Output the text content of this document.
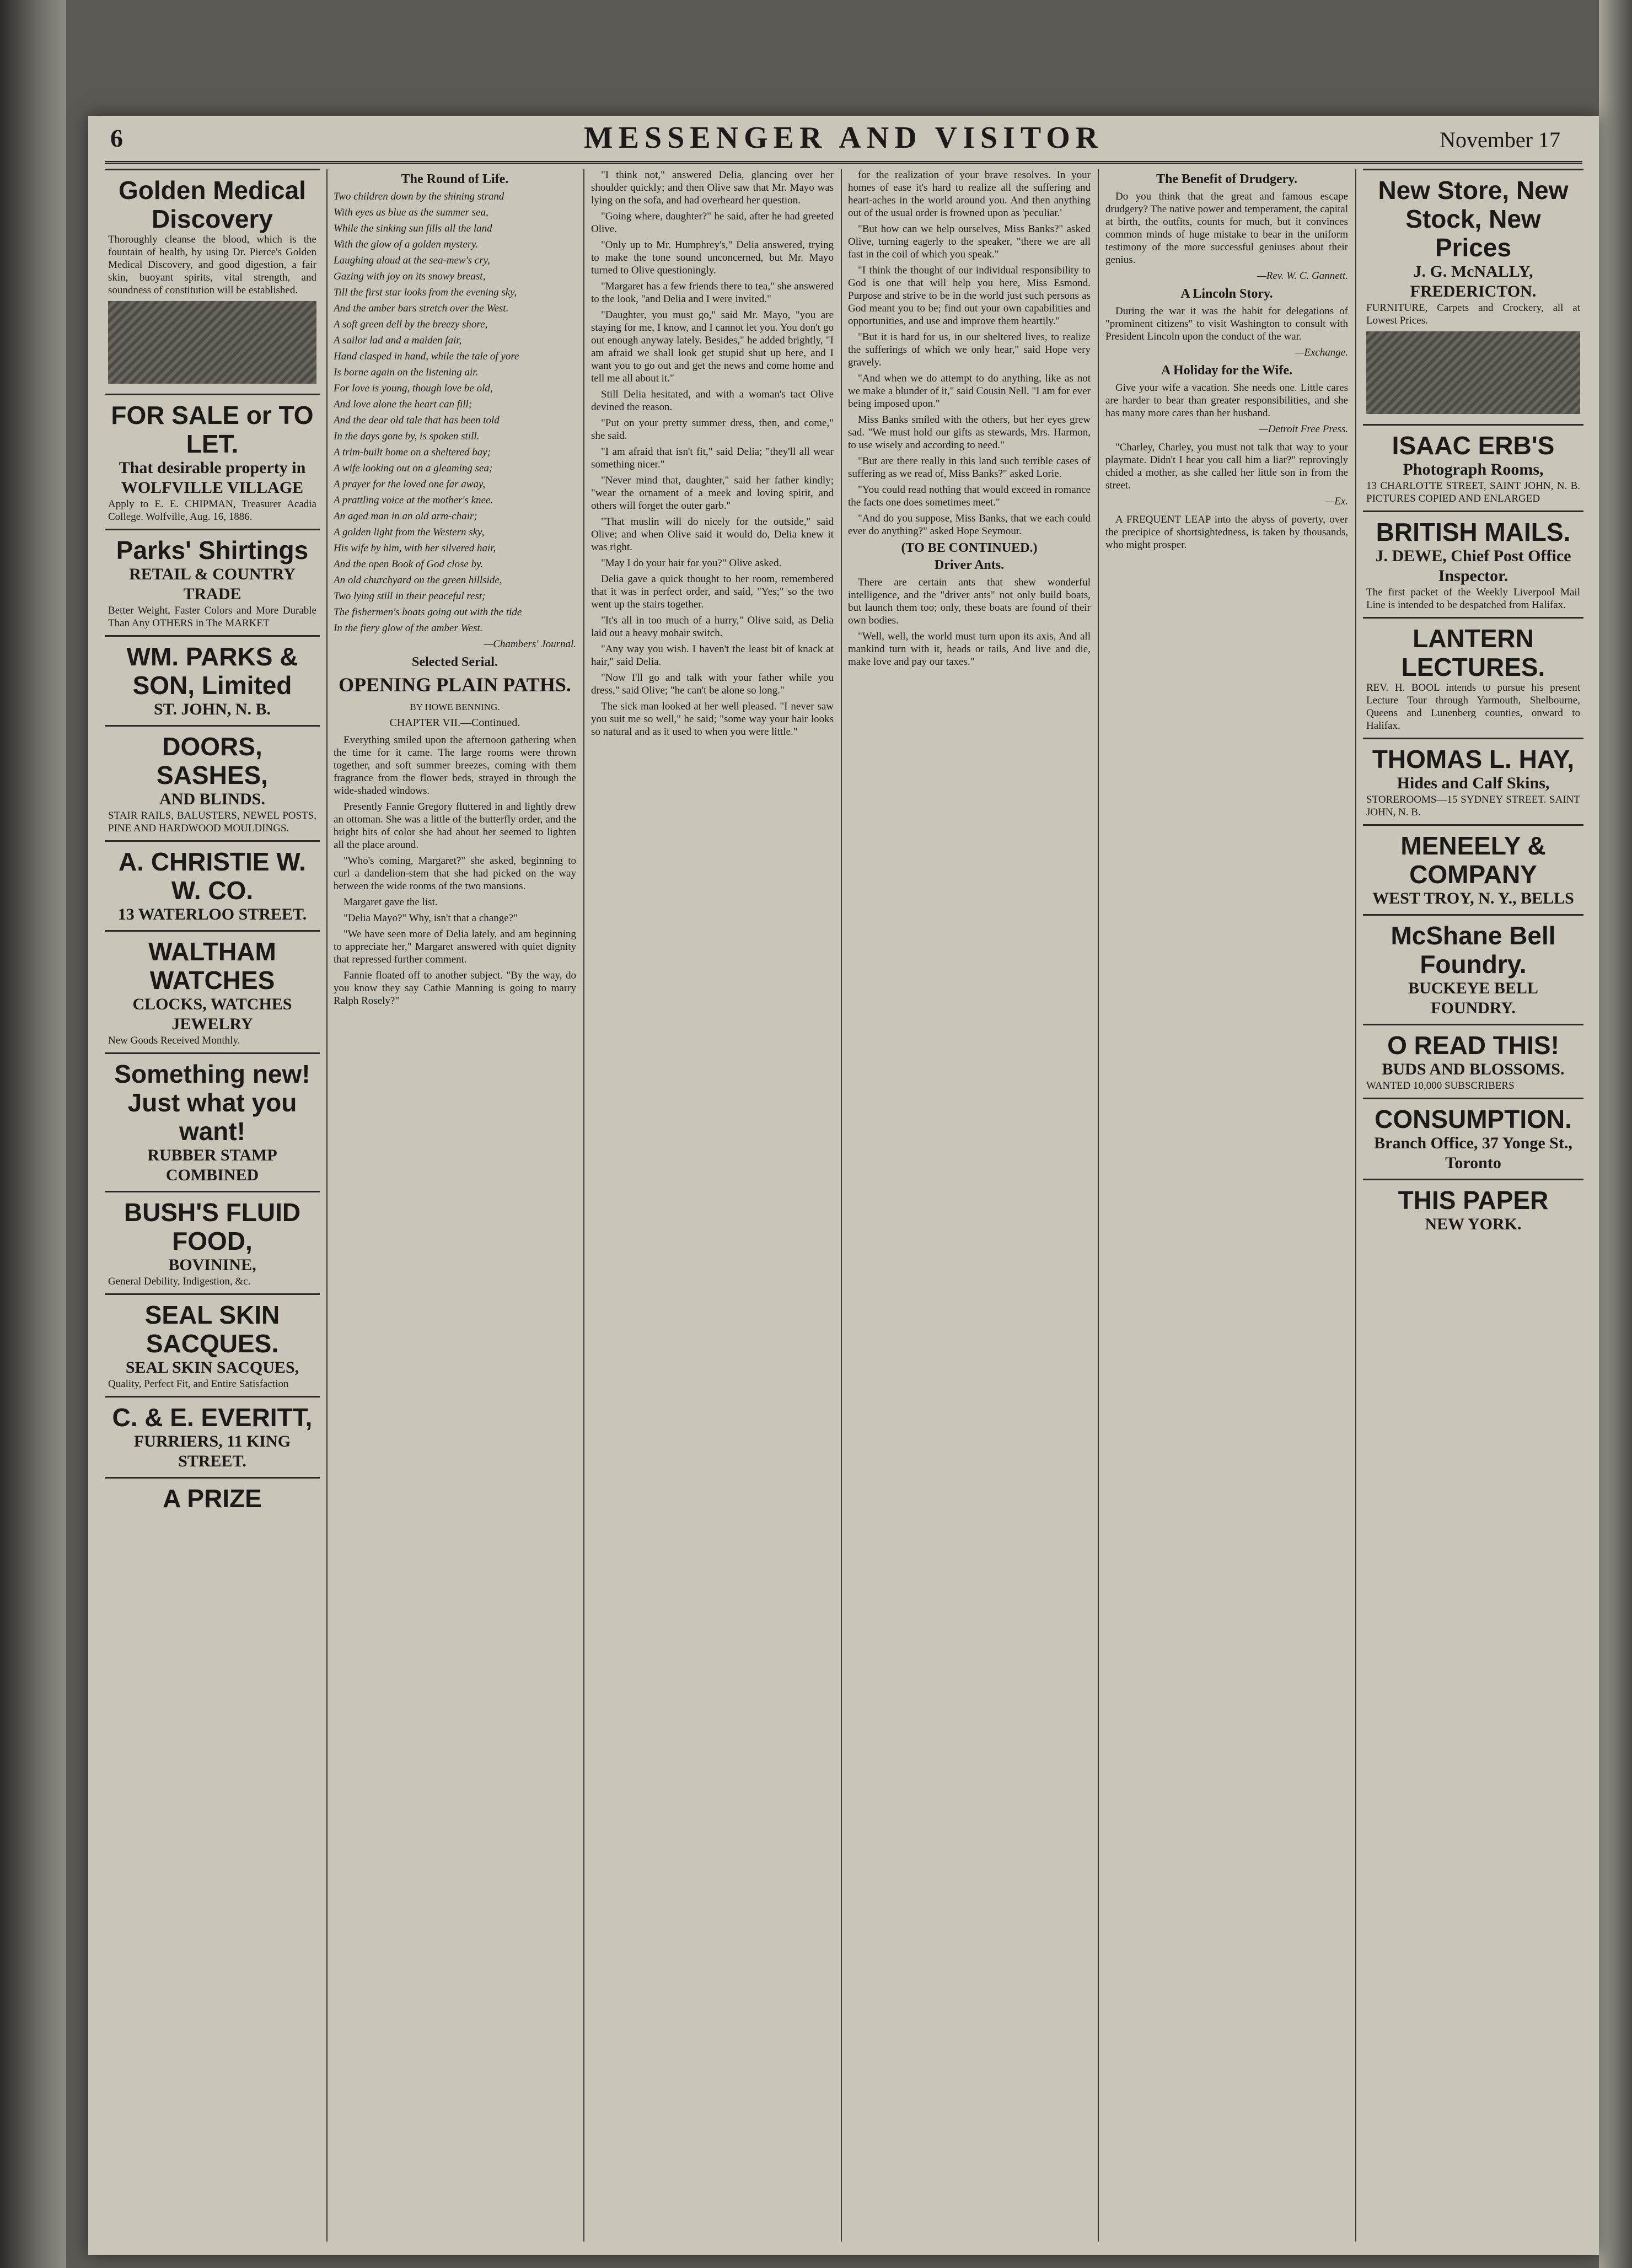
6	MESSENGER AND VISITOR	November 17
Golden Medical Discovery
Thoroughly cleanse the blood, which is the fountain of health, by using Dr. Pierce's Golden Medical Discovery, and good digestion, a fair skin, buoyant spirits, vital strength, and soundness of constitution will be established.
FOR SALE or TO LET.
That desirable property in WOLFVILLE VILLAGE
Apply to E. E. CHIPMAN, Treasurer Acadia College. Wolfville, Aug. 16, 1886.
Parks' Shirtings
RETAIL & COUNTRY TRADE
Better Weight, Faster Colors and More Durable Than Any OTHERS in The MARKET
WM. PARKS & SON, Limited
ST. JOHN, N. B.
DOORS, SASHES,
AND BLINDS.
STAIR RAILS, BALUSTERS, NEWEL POSTS, PINE AND HARDWOOD MOULDINGS.
A. CHRISTIE W. W. CO.
13 WATERLOO STREET.
WALTHAM WATCHES
CLOCKS, WATCHES JEWELRY
New Goods Received Monthly.
Something new! Just what you want!
RUBBER STAMP COMBINED
BUSH'S FLUID FOOD,
BOVININE,
General Debility, Indigestion, &c.
SEAL SKIN SACQUES.
SEAL SKIN SACQUES,
Quality, Perfect Fit, and Entire Satisfaction
C. & E. EVERITT,
FURRIERS, 11 KING STREET.
A PRIZE
The Round of Life.

Two children down by the shining strand

With eyes as blue as the summer sea,

While the sinking sun fills all the land

With the glow of a golden mystery.

Laughing aloud at the sea-mew's cry,

Gazing with joy on its snowy breast,

Till the first star looks from the evening sky,

And the amber bars stretch over the West.

A soft green dell by the breezy shore,

A sailor lad and a maiden fair,

Hand clasped in hand, while the tale of yore

Is borne again on the listening air.

For love is young, though love be old,

And love alone the heart can fill;

And the dear old tale that has been told

In the days gone by, is spoken still.

A trim-built home on a sheltered bay;

A wife looking out on a gleaming sea;

A prayer for the loved one far away,

A prattling voice at the mother's knee.

An aged man in an old arm-chair;

A golden light from the Western sky,

His wife by him, with her silvered hair,

And the open Book of God close by.

An old churchyard on the green hillside,

Two lying still in their peaceful rest;

The fishermen's boats going out with the tide

In the fiery glow of the amber West.

—Chambers' Journal.
Selected Serial.
OPENING PLAIN PATHS.
BY HOWE BENNING.
CHAPTER VII.—Continued.

Everything smiled upon the afternoon gathering when the time for it came. The large rooms were thrown together, and soft summer breezes, coming with them fragrance from the flower beds, strayed in through the wide-shaded windows.

Presently Fannie Gregory fluttered in and lightly drew an ottoman. She was a little of the butterfly order, and the bright bits of color she had about her seemed to lighten all the place around.

"Who's coming, Margaret?" she asked, beginning to curl a dandelion-stem that she had picked on the way between the wide rooms of the two mansions.

Margaret gave the list.

"Delia Mayo?" Why, isn't that a change?"

"We have seen more of Delia lately, and am beginning to appreciate her," Margaret answered with quiet dignity that repressed further comment.

Fannie floated off to another subject. "By the way, do you know they say Cathie Manning is going to marry Ralph Rosely?"

"I think not," answered Delia, glancing over her shoulder quickly; and then Olive saw that Mr. Mayo was lying on the sofa, and had overheard her question.

"Going where, daughter?" he said, after he had greeted Olive.

"Only up to Mr. Humphrey's," Delia answered, trying to make the tone sound unconcerned, but Mr. Mayo turned to Olive questioningly.

"Margaret has a few friends there to tea," she answered to the look, "and Delia and I were invited."

"Daughter, you must go," said Mr. Mayo, "you are staying for me, I know, and I cannot let you. You don't go out enough anyway lately. Besides," he added brightly, "I am afraid we shall look get stupid shut up here, and I want you to go out and get the news and come home and tell me all about it."

Still Delia hesitated, and with a woman's tact Olive devined the reason.

"Put on your pretty summer dress, then, and come," she said.

"I am afraid that isn't fit," said Delia; "they'll all wear something nicer."

"Never mind that, daughter," said her father kindly; "wear the ornament of a meek and loving spirit, and others will forget the outer garb."

"That muslin will do nicely for the outside," said Olive; and when Olive said it would do, Delia knew it was right.

"May I do your hair for you?" Olive asked.

Delia gave a quick thought to her room, remembered that it was in perfect order, and said, "Yes;" so the two went up the stairs together.

"It's all in too much of a hurry," Olive said, as Delia laid out a heavy mohair switch.

"Any way you wish. I haven't the least bit of knack at hair," said Delia.

"Now I'll go and talk with your father while you dress," said Olive; "he can't be alone so long."

The sick man looked at her well pleased. "I never saw you suit me so well," he said; "some way your hair looks so natural and as it used to when you were little."

for the realization of your brave resolves. In your homes of ease it's hard to realize all the suffering and heart-aches in the world around you. And then anything out of the usual order is frowned upon as 'peculiar.'

"But how can we help ourselves, Miss Banks?" asked Olive, turning eagerly to the speaker, "there we are all fast in the coil of which you speak."

"I think the thought of our individual responsibility to God is one that will help you here, Miss Esmond. Purpose and strive to be in the world just such persons as God meant you to be; find out your own capabilities and opportunities, and use and improve them heartily."

"But it is hard for us, in our sheltered lives, to realize the sufferings of which we only hear," said Hope very gravely.

"And when we do attempt to do anything, like as not we make a blunder of it," said Cousin Nell. "I am for ever being imposed upon."

Miss Banks smiled with the others, but her eyes grew sad. "We must hold our gifts as stewards, Mrs. Harmon, to use wisely and according to need."

"But are there really in this land such terrible cases of suffering as we read of, Miss Banks?" asked Lorie.

"You could read nothing that would exceed in romance the facts one does sometimes meet."

"And do you suppose, Miss Banks, that we each could ever do anything?" asked Hope Seymour.

(TO BE CONTINUED.)
Driver Ants.

There are certain ants that shew wonderful intelligence, and the "driver ants" not only build boats, but launch them too; only, these boats are found of their own bodies.

"Well, well, the world must turn upon its axis, And all mankind turn with it, heads or tails, And live and die, make love and pay our taxes."

The Benefit of Drudgery.

Do you think that the great and famous escape drudgery? The native power and temperament, the capital at birth, the outfits, counts for much, but it convinces common minds of huge mistake to bear in the uniform testimony of the more successful geniuses about their genius.

—Rev. W. C. Gannett.
A Lincoln Story.

During the war it was the habit for delegations of "prominent citizens" to visit Washington to consult with President Lincoln upon the conduct of the war.

—Exchange.
A Holiday for the Wife.

Give your wife a vacation. She needs one. Little cares are harder to bear than greater responsibilities, and she has many more cares than her husband.

—Detroit Free Press.

"Charley, Charley, you must not talk that way to your playmate. Didn't I hear you call him a liar?" reprovingly chided a mother, as she called her little son in from the street.

—Ex.

A FREQUENT LEAP into the abyss of poverty, over the precipice of shortsightedness, is taken by thousands, who might prosper.

New Store, New Stock, New Prices
J. G. McNALLY, FREDERICTON.
FURNITURE, Carpets and Crockery, all at Lowest Prices.
ISAAC ERB'S
Photograph Rooms,
13 CHARLOTTE STREET, SAINT JOHN, N. B. PICTURES COPIED AND ENLARGED
BRITISH MAILS.
J. DEWE, Chief Post Office Inspector.
The first packet of the Weekly Liverpool Mail Line is intended to be despatched from Halifax.
LANTERN LECTURES.
REV. H. BOOL intends to pursue his present Lecture Tour through Yarmouth, Shelbourne, Queens and Lunenberg counties, onward to Halifax.
THOMAS L. HAY,
Hides and Calf Skins,
STOREROOMS—15 SYDNEY STREET. SAINT JOHN, N. B.
MENEELY & COMPANY
WEST TROY, N. Y., BELLS
McShane Bell Foundry.
BUCKEYE BELL FOUNDRY.
O READ THIS!
BUDS AND BLOSSOMS.
WANTED 10,000 SUBSCRIBERS
CONSUMPTION.
Branch Office, 37 Yonge St., Toronto
THIS PAPER
NEW YORK.
